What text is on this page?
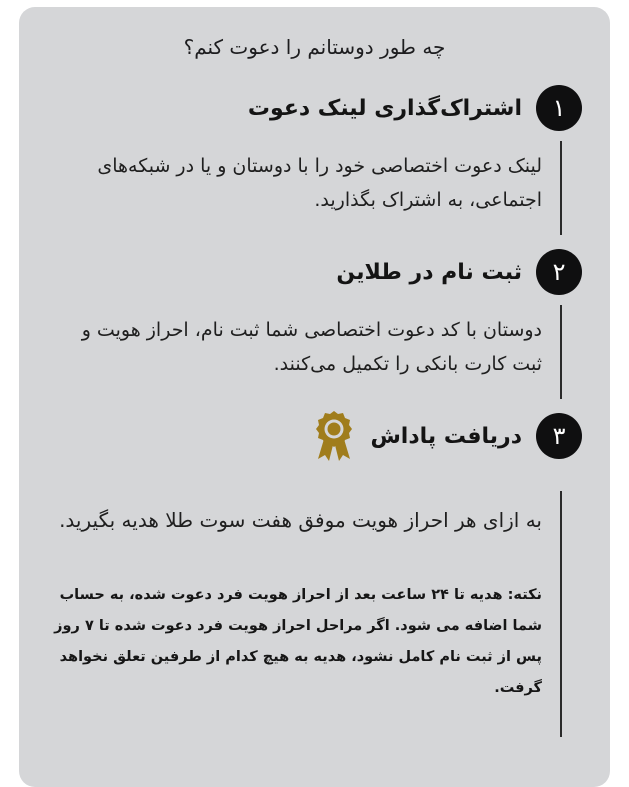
چه طور دوستانم را دعوت کنم؟
۱
اشتراک‌گذاری لینک دعوت
لینک دعوت اختصاصی خود را با دوستان و یا در شبکه‌های اجتماعی، به اشتراک بگذارید.
۲
ثبت نام در طلاین
دوستان با کد دعوت اختصاصی شما ثبت نام، احراز هویت و ثبت کارت بانکی را تکمیل می‌کنند.
۳
دریافت پاداش
به ازای هر احراز هویت موفق هفت سوت طلا هدیه بگیرید.
نکته: هدیه تا ۲۴ ساعت بعد از احراز هویت فرد دعوت شده، به حساب شما اضافه می شود. اگر مراحل احراز هویت فرد دعوت شده تا ۷ روز پس از ثبت نام کامل نشود، هدیه به هیچ کدام از طرفین تعلق نخواهد گرفت.
